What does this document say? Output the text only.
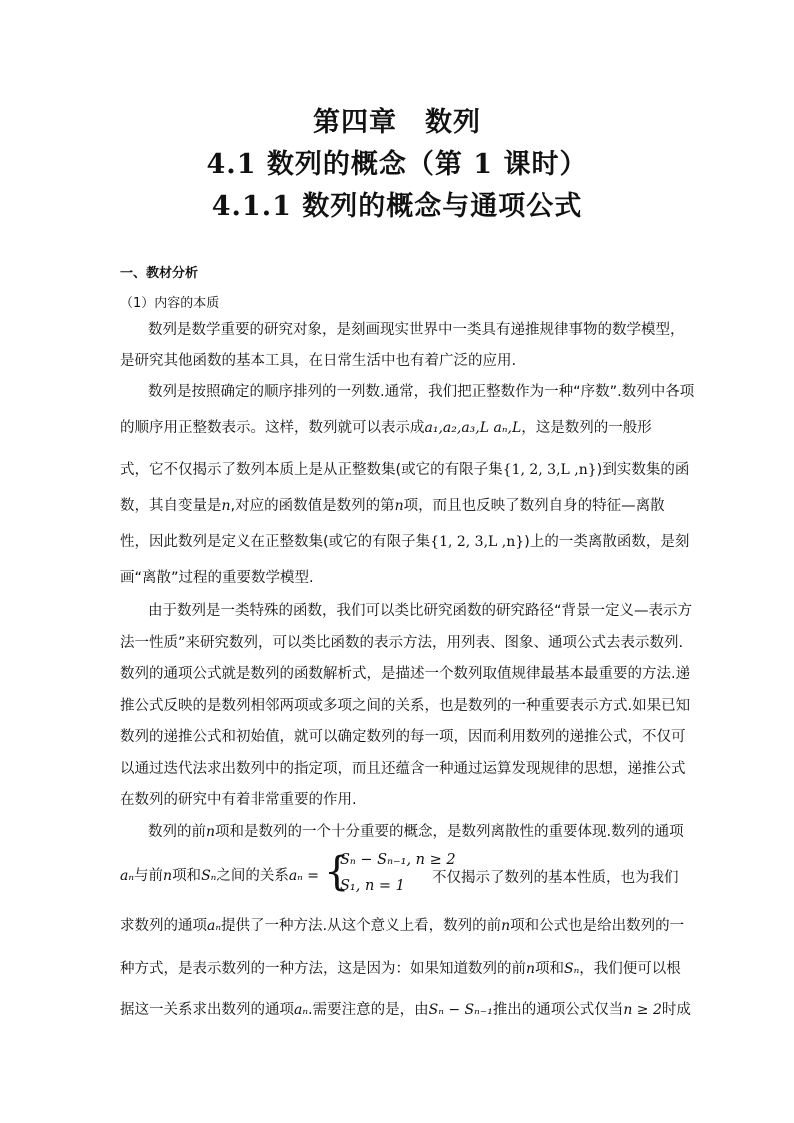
第四章　数列
4.1 数列的概念（第 1 课时）
4.1.1 数列的概念与通项公式
一、教材分析
（1）内容的本质
数列是数学重要的研究对象，是刻画现实世界中一类具有递推规律事物的数学模型，
是研究其他函数的基本工具，在日常生活中也有着广泛的应用.
数列是按照确定的顺序排列的一列数.通常，我们把正整数作为一种“序数”.数列中各项
的顺序用正整数表示。这样，数列就可以表示成a₁,a₂,a₃,L aₙ,L，这是数列的一般形
式，它不仅揭示了数列本质上是从正整数集(或它的有限子集{1, 2, 3,L ,n})到实数集的函
数，其自变量是n,对应的函数值是数列的第n项，而且也反映了数列自身的特征—离散
性，因此数列是定义在正整数集(或它的有限子集{1, 2, 3,L ,n})上的一类离散函数，是刻
画“离散”过程的重要数学模型.
由于数列是一类特殊的函数，我们可以类比研究函数的研究路径“背景一定义—表示方
法一性质”来研究数列，可以类比函数的表示方法，用列表、图象、通项公式去表示数列.
数列的通项公式就是数列的函数解析式，是描述一个数列取值规律最基本最重要的方法.递
推公式反映的是数列相邻两项或多项之间的关系，也是数列的一种重要表示方式.如果已知
数列的递推公式和初始值，就可以确定数列的每一项，因而利用数列的递推公式，不仅可
以通过迭代法求出数列中的指定项，而且还蕴含一种通过运算发现规律的思想，递推公式
在数列的研究中有着非常重要的作用.
数列的前n项和是数列的一个十分重要的概念，是数列离散性的重要体现.数列的通项
aₙ与前n项和Sₙ之间的关系aₙ = {
Sₙ − Sₙ₋₁, n ≥ 2
S₁, n = 1 不仅揭示了数列的基本性质，也为我们
求数列的通项aₙ提供了一种方法.从这个意义上看，数列的前n项和公式也是给出数列的一
种方式，是表示数列的一种方法，这是因为：如果知道数列的前n项和Sₙ，我们便可以根
据这一关系求出数列的通项aₙ.需要注意的是，由Sₙ − Sₙ₋₁推出的通项公式仅当n ≥ 2时成
